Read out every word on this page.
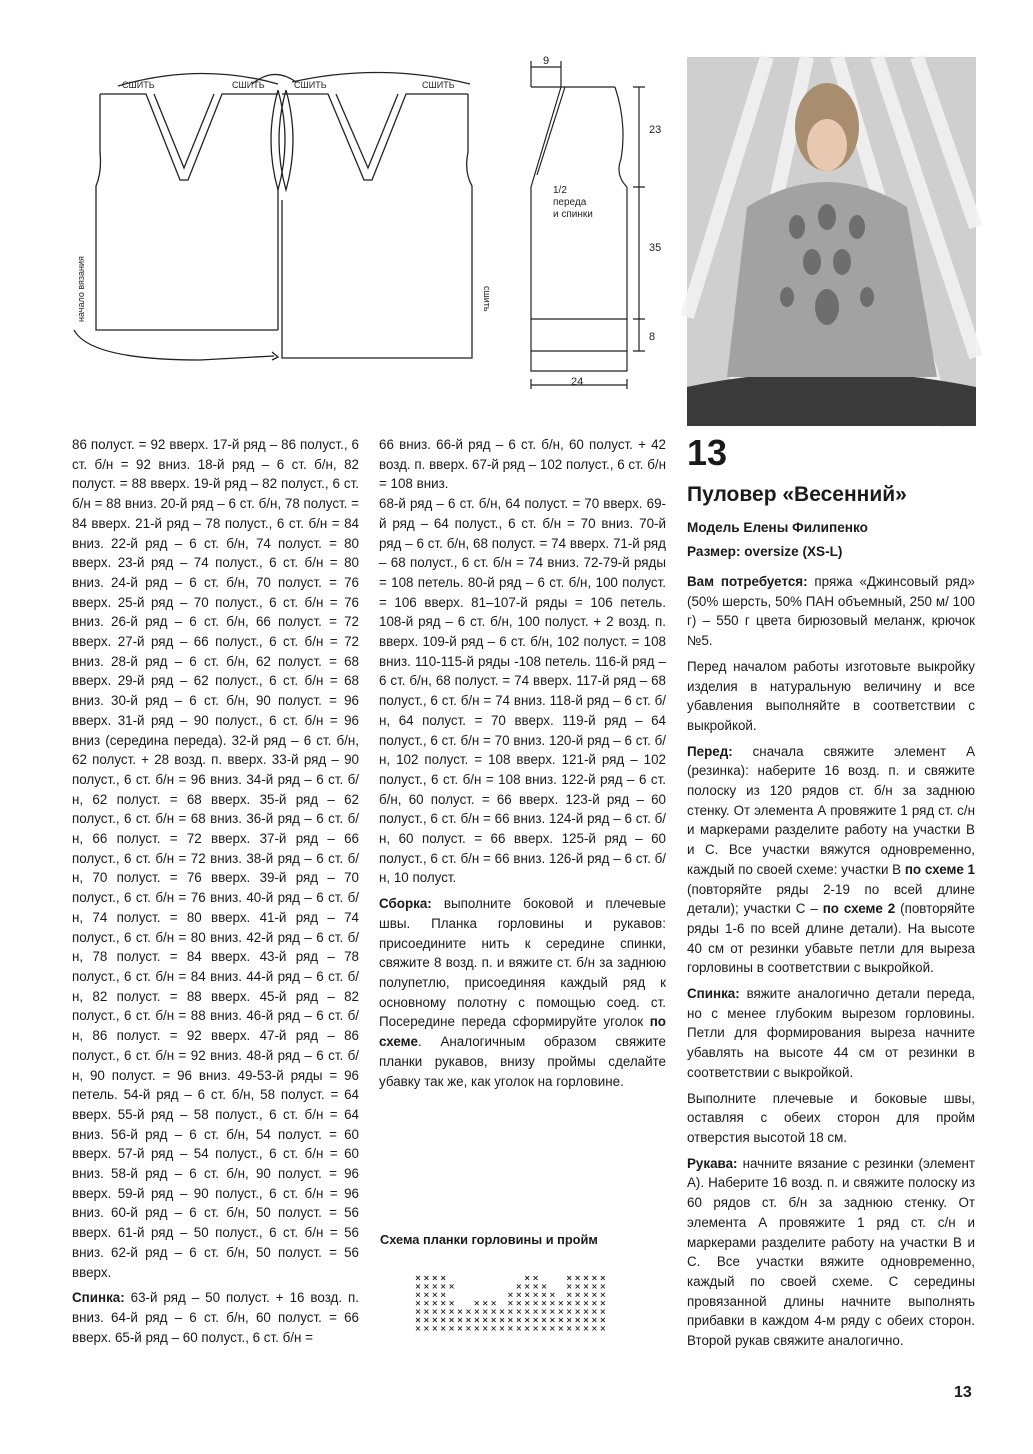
СШИТЬ	СШИТЬ	СШИТЬ	СШИТЬ
начало вязания	сшить
9
23
35
8
24
1/2
переда
и спинки
13
Пуловер «Весенний»
Модель Елены Филипенко
Размер: oversize (XS-L)

86 полуст. = 92 вверх. 17-й ряд – 86 полуст., 6 ст. б/н = 92 вниз. 18-й ряд – 6 ст. б/н, 82 полуст. = 88 вверх. 19-й ряд – 82 полуст., 6 ст. б/н = 88 вниз. 20-й ряд – 6 ст. б/н, 78 полуст. = 84 вверх. 21-й ряд – 78 полуст., 6 ст. б/н = 84 вниз. 22-й ряд – 6 ст. б/н, 74 полуст. = 80 вверх. 23-й ряд – 74 полуст., 6 ст. б/н = 80 вниз. 24-й ряд – 6 ст. б/н, 70 полуст. = 76 вверх. 25-й ряд – 70 полуст., 6 ст. б/н = 76 вниз. 26-й ряд – 6 ст. б/н, 66 полуст. = 72 вверх. 27-й ряд – 66 полуст., 6 ст. б/н = 72 вниз. 28-й ряд – 6 ст. б/н, 62 полуст. = 68 вверх. 29-й ряд – 62 полуст., 6 ст. б/н = 68 вниз. 30-й ряд – 6 ст. б/н, 90 полуст. = 96 вверх. 31-й ряд – 90 полуст., 6 ст. б/н = 96 вниз (середина переда). 32-й ряд – 6 ст. б/н, 62 полуст. + 28 возд. п. вверх. 33-й ряд – 90 полуст., 6 ст. б/н = 96 вниз. 34-й ряд – 6 ст. б/н, 62 полуст. = 68 вверх. 35-й ряд – 62 полуст., 6 ст. б/н = 68 вниз. 36-й ряд – 6 ст. б/н, 66 полуст. = 72 вверх. 37-й ряд – 66 полуст., 6 ст. б/н = 72 вниз. 38-й ряд – 6 ст. б/н, 70 полуст. = 76 вверх. 39-й ряд – 70 полуст., 6 ст. б/н = 76 вниз. 40-й ряд – 6 ст. б/н, 74 полуст. = 80 вверх. 41-й ряд – 74 полуст., 6 ст. б/н = 80 вниз. 42-й ряд – 6 ст. б/н, 78 полуст. = 84 вверх. 43-й ряд – 78 полуст., 6 ст. б/н = 84 вниз. 44-й ряд – 6 ст. б/н, 82 полуст. = 88 вверх. 45-й ряд – 82 полуст., 6 ст. б/н = 88 вниз. 46-й ряд – 6 ст. б/н, 86 полуст. = 92 вверх. 47-й ряд – 86 полуст., 6 ст. б/н = 92 вниз. 48-й ряд – 6 ст. б/н, 90 полуст. = 96 вниз. 49-53-й ряды = 96 петель. 54-й ряд – 6 ст. б/н, 58 полуст. = 64 вверх. 55-й ряд – 58 полуст., 6 ст. б/н = 64 вниз. 56-й ряд – 6 ст. б/н, 54 полуст. = 60 вверх. 57-й ряд – 54 полуст., 6 ст. б/н = 60 вниз. 58-й ряд – 6 ст. б/н, 90 полуст. = 96 вверх. 59-й ряд – 90 полуст., 6 ст. б/н = 96 вниз. 60-й ряд – 6 ст. б/н, 50 полуст. = 56 вверх. 61-й ряд – 50 полуст., 6 ст. б/н = 56 вниз. 62-й ряд – 6 ст. б/н, 50 полуст. = 56 вверх.

Спинка: 63-й ряд – 50 полуст. + 16 возд. п. вниз. 64-й ряд – 6 ст. б/н, 60 полуст. = 66 вверх. 65-й ряд – 60 полуст., 6 ст. б/н =

66 вниз. 66-й ряд – 6 ст. б/н, 60 полуст. + 42 возд. п. вверх. 67-й ряд – 102 полуст., 6 ст. б/н = 108 вниз.

68-й ряд – 6 ст. б/н, 64 полуст. = 70 вверх. 69-й ряд – 64 полуст., 6 ст. б/н = 70 вниз. 70-й ряд – 6 ст. б/н, 68 полуст. = 74 вверх. 71-й ряд – 68 полуст., 6 ст. б/н = 74 вниз. 72-79-й ряды = 108 петель. 80-й ряд – 6 ст. б/н, 100 полуст. = 106 вверх. 81–107-й ряды = 106 петель. 108-й ряд – 6 ст. б/н, 100 полуст. + 2 возд. п. вверх. 109-й ряд – 6 ст. б/н, 102 полуст. = 108 вниз. 110-115-й ряды -108 петель. 116-й ряд – 6 ст. б/н, 68 полуст. = 74 вверх. 117-й ряд – 68 полуст., 6 ст. б/н = 74 вниз. 118-й ряд – 6 ст. б/н, 64 полуст. = 70 вверх. 119-й ряд – 64 полуст., 6 ст. б/н = 70 вниз. 120-й ряд – 6 ст. б/н, 102 полуст. = 108 вверх. 121-й ряд – 102 полуст., 6 ст. б/н = 108 вниз. 122-й ряд – 6 ст. б/н, 60 полуст. = 66 вверх. 123-й ряд – 60 полуст., 6 ст. б/н = 66 вниз. 124-й ряд – 6 ст. б/н, 60 полуст. = 66 вверх. 125-й ряд – 60 полуст., 6 ст. б/н = 66 вниз. 126-й ряд – 6 ст. б/н, 10 полуст.

Сборка: выполните боковой и плечевые швы. Планка горловины и рукавов: присоедините нить к середине спинки, свяжите 8 возд. п. и вяжите ст. б/н за заднюю полупетлю, присоединяя каждый ряд к основному полотну с помощью соед. ст. Посередине переда сформируйте уголок по схеме. Аналогичным образом свяжите планки рукавов, внизу проймы сделайте убавку так же, как уголок на горловине.

Схема планки горловины и пройм

Вам потребуется: пряжа «Джинсовый ряд» (50% шерсть, 50% ПАН объемный, 250 м/ 100 г) – 550 г цвета бирюзовый меланж, крючок №5.

Перед началом работы изготовьте выкройку изделия в натуральную величину и все убавления выполняйте в соответствии с выкройкой.

Перед: сначала свяжите элемент А (резинка): наберите 16 возд. п. и свяжите полоску из 120 рядов ст. б/н за заднюю стенку. От элемента А провяжите 1 ряд ст. с/н и маркерами разделите работу на участки В и С. Все участки вяжутся одновременно, каждый по своей схеме: участки В по схеме 1 (повторяйте ряды 2-19 по всей длине детали); участки С – по схеме 2 (повторяйте ряды 1-6 по всей длине детали). На высоте 40 см от резинки убавьте петли для выреза горловины в соответствии с выкройкой.

Спинка: вяжите аналогично детали переда, но с менее глубоким вырезом горловины. Петли для формирования выреза начните убавлять на высоте 44 см от резинки в соответствии с выкройкой.

Выполните плечевые и боковые швы, оставляя с обеих сторон для пройм отверстия высотой 18 см.

Рукава: начните вязание с резинки (элемент А). Наберите 16 возд. п. и свяжите полоску из 60 рядов ст. б/н за заднюю стенку. От элемента А провяжите 1 ряд ст. с/н и маркерами разделите работу на участки В и С. Все участки вяжите одновременно, каждый по своей схеме. С середины провязанной длины начните выполнять прибавки в каждом 4-м ряду с обеих сторон. Второй рукав свяжите аналогично.

13
